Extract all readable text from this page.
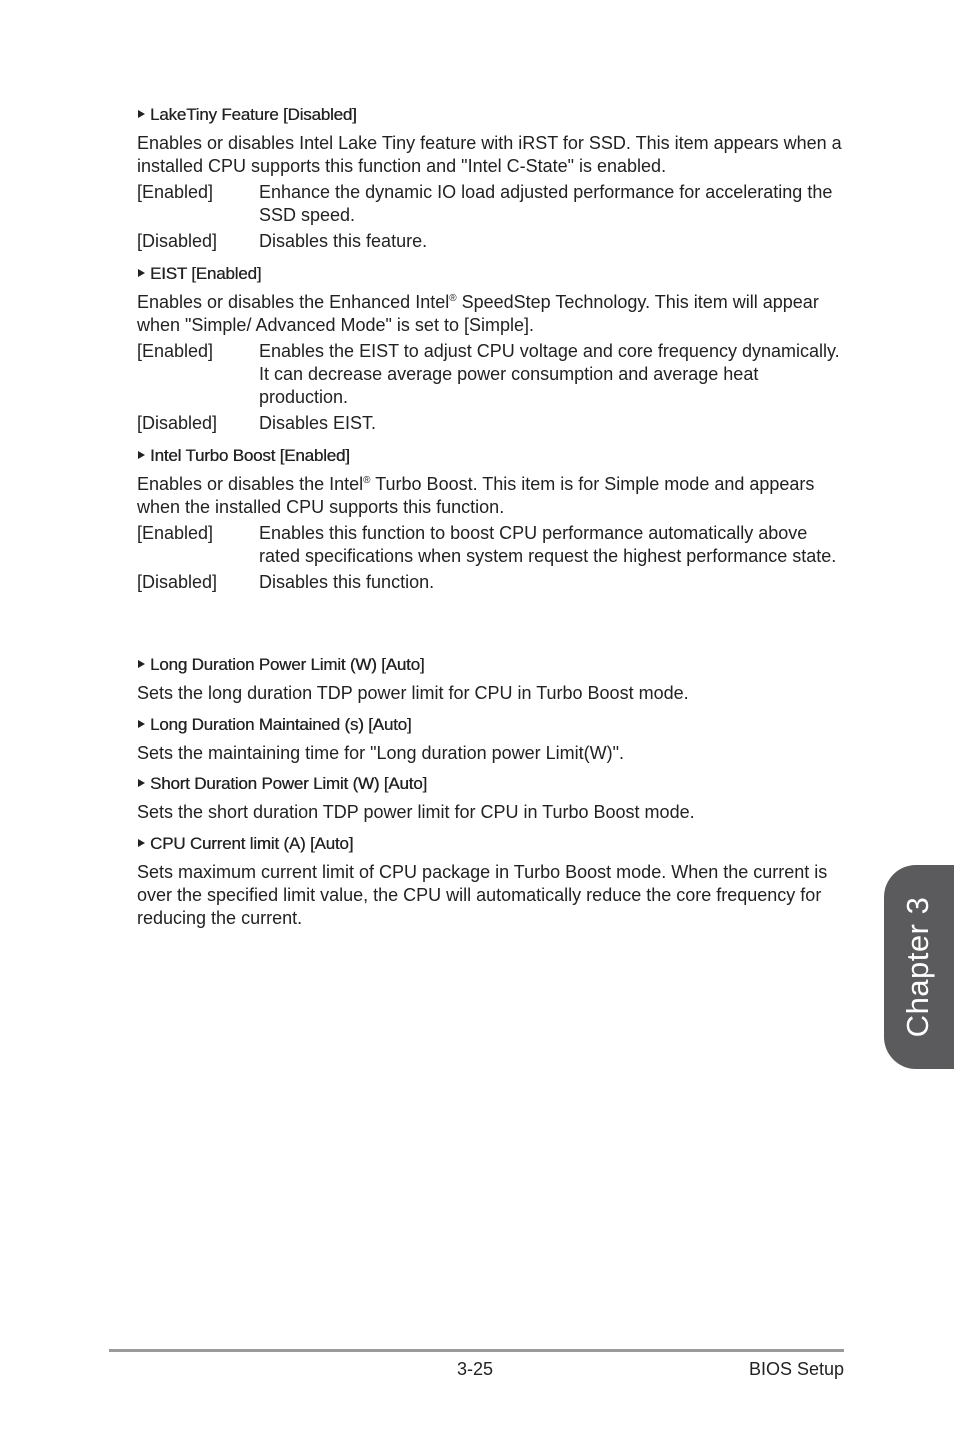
LakeTiny Feature [Disabled]
Enables or disables Intel Lake Tiny feature with iRST for SSD. This item appears when a installed CPU supports this function and "Intel C-State" is enabled.
[Enabled]	Enhance the dynamic IO load adjusted performance for accelerating the SSD speed.
[Disabled]	Disables this feature.
EIST [Enabled]
Enables or disables the Enhanced Intel® SpeedStep Technology. This item will appear when "Simple/ Advanced Mode" is set to [Simple].
[Enabled]	Enables the EIST to adjust CPU voltage and core frequency dynamically. It can decrease average power consumption and average heat production.
[Disabled]	Disables EIST.
Intel Turbo Boost [Enabled]
Enables or disables the Intel® Turbo Boost. This item is for Simple mode and appears when the installed CPU supports this function.
[Enabled]	Enables this function to boost CPU performance automatically above rated specifications when system request the highest performance state.
[Disabled]	Disables this function.
Long Duration Power Limit (W) [Auto]
Sets the long duration TDP power limit for CPU in Turbo Boost mode.
Long Duration Maintained (s) [Auto]
Sets the maintaining time for "Long duration power Limit(W)".
Short Duration Power Limit (W) [Auto]
Sets the short duration TDP power limit for CPU in Turbo Boost mode.
CPU Current limit (A) [Auto]
Sets maximum current limit of CPU package in Turbo Boost mode. When the current is over the specified limit value, the CPU will automatically reduce the core frequency for reducing the current.	Chapter 3
3-25	BIOS Setup
